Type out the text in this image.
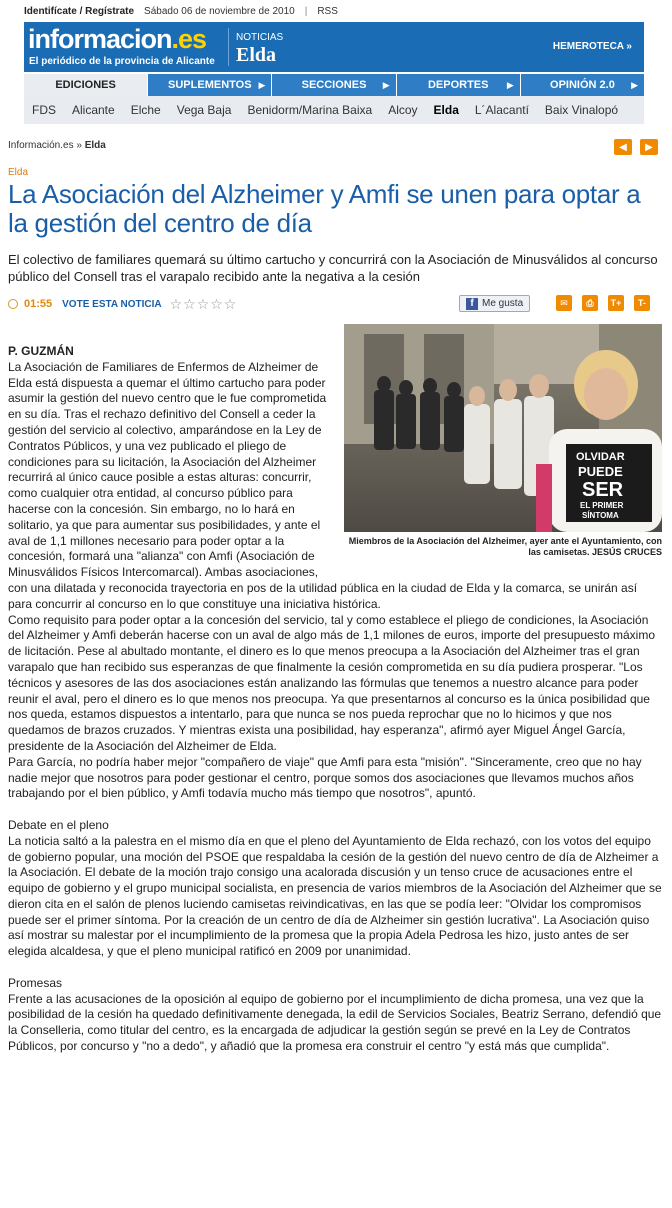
Identifícate / Regístrate Sábado 06 de noviembre de 2010 | RSS
informacion.es
El periódico de la provincia de Alicante
NOTICIAS
Elda	HEMEROTECA »
EDICIONES	SUPLEMENTOS ▶	SECCIONES ▶	DEPORTES ▶	OPINIÓN 2.0 ▶
FDS	Alicante	Elche	Vega Baja	Benidorm/Marina Baixa	Alcoy	Elda	L´Alacantí	Baix Vinalopó
Información.es » Elda	◀	▶
Elda
La Asociación del Alzheimer y Amfi se unen para optar a la gestión del centro de día
El colectivo de familiares quemará su último cartucho y concurrirá con la Asociación de Minusválidos al concurso público del Consell tras el varapalo recibido ante la negativa a la cesión
01:55 VOTE ESTA NOTICIA ☆☆☆☆☆	f Me gusta	✉	⎙	T+	T-
OLVIDAR
PUEDE
SER
EL PRIMER
SÍNTOMA
Miembros de la Asociación del Alzheimer, ayer ante el Ayuntamiento, con las camisetas. JESÚS CRUCES

P. GUZMÁN

La Asociación de Familiares de Enfermos de Alzheimer de Elda está dispuesta a quemar el último cartucho para poder asumir la gestión del nuevo centro que le fue comprometida en su día. Tras el rechazo definitivo del Consell a ceder la gestión del servicio al colectivo, amparándose en la Ley de Contratos Públicos, y una vez publicado el pliego de condiciones para su licitación, la Asociación del Alzheimer recurrirá al único cauce posible a estas alturas: concurrir, como cualquier otra entidad, al concurso público para hacerse con la concesión. Sin embargo, no lo hará en solitario, ya que para aumentar sus posibilidades, y ante el aval de 1,1 millones necesario para poder optar a la concesión, formará una "alianza" con Amfi (Asociación de Minusválidos Físicos Intercomarcal). Ambas asociaciones, con una dilatada y reconocida trayectoria en pos de la utilidad pública en la ciudad de Elda y la comarca, se unirán así para concurrir al concurso en lo que constituye una iniciativa histórica.

Como requisito para poder optar a la concesión del servicio, tal y como establece el pliego de condiciones, la Asociación del Alzheimer y Amfi deberán hacerse con un aval de algo más de 1,1 milones de euros, importe del presupuesto máximo de licitación. Pese al abultado montante, el dinero es lo que menos preocupa a la Asociación del Alzheimer tras el gran varapalo que han recibido sus esperanzas de que finalmente la cesión comprometida en su día pudiera prosperar. "Los técnicos y asesores de las dos asociaciones están analizando las fórmulas que tenemos a nuestro alcance para poder reunir el aval, pero el dinero es lo que menos nos preocupa. Ya que presentarnos al concurso es la única posibilidad que nos queda, estamos dispuestos a intentarlo, para que nunca se nos pueda reprochar que no lo hicimos y que nos quedamos de brazos cruzados. Y mientras exista una posibilidad, hay esperanza", afirmó ayer Miguel Ángel García, presidente de la Asociación del Alzheimer de Elda.

Para García, no podría haber mejor "compañero de viaje" que Amfi para esta "misión". "Sinceramente, creo que no hay nadie mejor que nosotros para poder gestionar el centro, porque somos dos asociaciones que llevamos muchos años trabajando por el bien público, y Amfi todavía mucho más tiempo que nosotros", apuntó.

Debate en el pleno

La noticia saltó a la palestra en el mismo día en que el pleno del Ayuntamiento de Elda rechazó, con los votos del equipo de gobierno popular, una moción del PSOE que respaldaba la cesión de la gestión del nuevo centro de día de Alzheimer a la Asociación. El debate de la moción trajo consigo una acalorada discusión y un tenso cruce de acusaciones entre el equipo de gobierno y el grupo municipal socialista, en presencia de varios miembros de la Asociación del Alzheimer que se dieron cita en el salón de plenos luciendo camisetas reivindicativas, en las que se podía leer: "Olvidar los compromisos puede ser el primer síntoma. Por la creación de un centro de día de Alzheimer sin gestión lucrativa". La Asociación quiso así mostrar su malestar por el incumplimiento de la promesa que la propia Adela Pedrosa les hizo, justo antes de ser elegida alcaldesa, y que el pleno municipal ratificó en 2009 por unanimidad.

Promesas

Frente a las acusaciones de la oposición al equipo de gobierno por el incumplimiento de dicha promesa, una vez que la posibilidad de la cesión ha quedado definitivamente denegada, la edil de Servicios Sociales, Beatriz Serrano, defendió que la Conselleria, como titular del centro, es la encargada de adjudicar la gestión según se prevé en la Ley de Contratos Públicos, por concurso y "no a dedo", y añadió que la promesa era construir el centro "y está más que cumplida".
